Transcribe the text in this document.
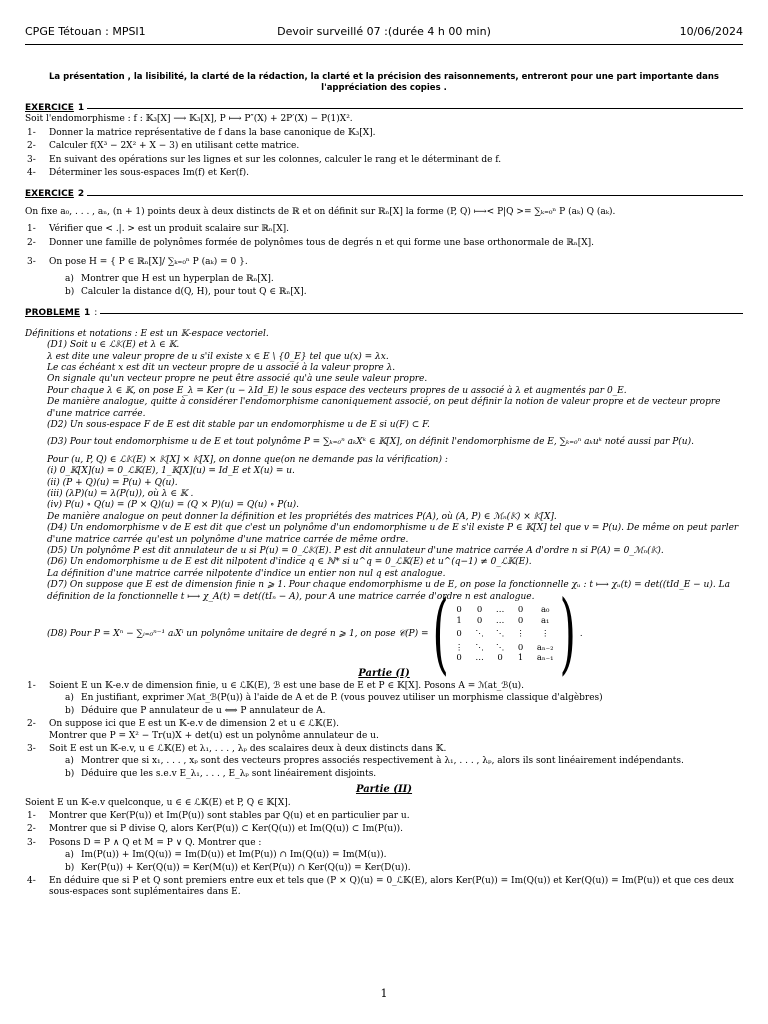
CPGE Tétouan : MPSI1	Devoir surveillé 07 :(durée 4 h 00 min)	10/06/2024

La présentation , la lisibilité, la clarté de la rédaction, la clarté et la précision des raisonnements, entreront pour une part importante dans l'appréciation des copies .

EXERCICE 1

Soit l'endomorphisme : f : 𝕂₃[X] ⟶ 𝕂₃[X], P ⟼ P″(X) + 2P′(X) − P(1)X².

1-	Donner la matrice représentative de f dans la base canonique de 𝕂₃[X].
2-	Calculer f(X³ − 2X² + X − 3) en utilisant cette matrice.
3-	En suivant des opérations sur les lignes et sur les colonnes, calculer le rang et le déterminant de f.
4-	Déterminer les sous-espaces Im(f) et Ker(f).
EXERCICE 2

On fixe a₀, . . . , aₙ, (n + 1) points deux à deux distincts de ℝ et on définit sur ℝₙ[X] la forme (P, Q) ⟼< P|Q >= ∑ₖ₌₀ⁿ P (aₖ) Q (aₖ).

1-	Vérifier que < .|. > est un produit scalaire sur ℝₙ[X].
2-	Donner une famille de polynômes formée de polynômes tous de degrés n et qui forme une base orthonormale de ℝₙ[X].
3-	On pose H = { P ∈ ℝₙ[X]/ ∑ₖ₌₀ⁿ P (aₖ) = 0 }.
a) Montrer que H est un hyperplan de ℝₙ[X].
b) Calculer la distance d(Q, H), pour tout Q ∈ ℝₙ[X].
PROBLEME 1 :

Définitions et notations : E est un 𝕂-espace vectoriel.

(D1) Soit u ∈ ℒ𝕂(E) et λ ∈ 𝕂.

λ est dite une valeur propre de u s'il existe x ∈ E \ {0_E} tel que u(x) = λx.

Le cas échéant x est dit un vecteur propre de u associé à la valeur propre λ.

On signale qu'un vecteur propre ne peut être associé qu'à une seule valeur propre.

Pour chaque λ ∈ 𝕂, on pose E_λ = Ker (u − λId_E) le sous espace des vecteurs propres de u associé à λ et augmentés par 0_E.

De manière analogue, quitte à considérer l'endomorphisme canoniquement associé, on peut définir la notion de valeur propre et de vecteur propre d'une matrice carrée.

(D2) Un sous-espace F de E est dit stable par un endomorphisme u de E si u(F) ⊂ F.

(D3) Pour tout endomorphisme u de E et tout polynôme P = ∑ₖ₌₀ⁿ aₖXᵏ ∈ 𝕂[X], on définit l'endomorphisme de E, ∑ₖ₌₀ⁿ aₖuᵏ noté aussi par P(u).

Pour (u, P, Q) ∈ ℒ𝕂(E) × 𝕂[X] × 𝕂[X], on donne que(on ne demande pas la vérification) :

(i) 0_𝕂[X](u) = 0_ℒ𝕂(E), 1_𝕂[X](u) = Id_E et X(u) = u.

(ii) (P + Q)(u) = P(u) + Q(u).

(iii) (λP)(u) = λ(P(u)), où λ ∈ 𝕂 .

(iv) P(u) ∘ Q(u) = (P × Q)(u) = (Q × P)(u) = Q(u) ∘ P(u).

De manière analogue on peut donner la définition et les propriétés des matrices P(A), où (A, P) ∈ ℳₙ(𝕂) × 𝕂[X].

(D4) Un endomorphisme v de E est dit que c'est un polynôme d'un endomorphisme u de E s'il existe P ∈ 𝕂[X] tel que v = P(u). De même on peut parler d'une matrice carrée qu'est un polynôme d'une matrice carrée de même ordre.

(D5) Un polynôme P est dit annulateur de u si P(u) = 0_ℒ𝕂(E). P est dit annulateur d'une matrice carrée A d'ordre n si P(A) = 0_ℳₙ(𝕂).

(D6) Un endomorphisme u de E est dit nilpotent d'indice q ∈ ℕ* si u^q = 0_ℒ𝕂(E) et u^(q−1) ≠ 0_ℒ𝕂(E).

La définition d'une matrice carrée nilpotente d'indice un entier non nul q est analogue.

(D7) On suppose que E est de dimension finie n ⩾ 1. Pour chaque endomorphisme u de E, on pose la fonctionnelle χᵤ : t ⟼ χᵤ(t) = det((tId_E − u). La définition de la fonctionnelle t ⟼ χ_A(t) = det((tIₙ − A), pour A une matrice carrée d'ordre n est analogue.

(D8) Pour P = Xⁿ − ∑ᵢ₌₀ⁿ⁻¹ aᵢXⁱ un polynôme unitaire de degré n ⩾ 1, on pose 𝒞(P) = ( 0	0	…	0	a₀
1	0	…	0	a₁

0	⋱	⋱	⋮	⋮

⋮	⋱	⋱	0	aₙ₋₂
0	…	0	1	aₙ₋₁ ) .
Partie (I)
1-	Soient E un 𝕂-e.v de dimension finie, u ∈ ℒ𝕂(E), ℬ est une base de E et P ∈ 𝕂[X]. Posons A = ℳat_ℬ(u).
a) En justifiant, exprimer ℳat_ℬ(P(u)) à l'aide de A et de P. (vous pouvez utiliser un morphisme classique d'algèbres)
b) Déduire que P annulateur de u ⟺ P annulateur de A.
2-	On suppose ici que E est un 𝕂-e.v de dimension 2 et u ∈ ℒ𝕂(E).

Montrer que P = X² − Tr(u)X + det(u) est un polynôme annulateur de u.

3-	Soit E est un 𝕂-e.v, u ∈ ℒ𝕂(E) et λ₁, . . . , λₚ des scalaires deux à deux distincts dans 𝕂.
a) Montrer que si x₁, . . . , xₚ sont des vecteurs propres associés respectivement à λ₁, . . . , λₚ, alors ils sont linéairement indépendants.
b) Déduire que les s.e.v E_λ₁, . . . , E_λₚ sont linéairement disjoints.
Partie (II)

Soient E un 𝕂-e.v quelconque, u ∈ ∈ ℒ𝕂(E) et P, Q ∈ 𝕂[X].

1-	Montrer que Ker(P(u)) et Im(P(u)) sont stables par Q(u) et en particulier par u.
2-	Montrer que si P divise Q, alors Ker(P(u)) ⊂ Ker(Q(u)) et Im(Q(u)) ⊂ Im(P(u)).
3-	Posons D = P ∧ Q et M = P ∨ Q. Montrer que :
a) Im(P(u)) + Im(Q(u)) = Im(D(u)) et Im(P(u)) ∩ Im(Q(u)) = Im(M(u)).
b) Ker(P(u)) + Ker(Q(u)) = Ker(M(u)) et Ker(P(u)) ∩ Ker(Q(u)) = Ker(D(u)).
4-	En déduire que si P et Q sont premiers entre eux et tels que (P × Q)(u) = 0_ℒ𝕂(E), alors Ker(P(u)) = Im(Q(u)) et Ker(Q(u)) = Im(P(u)) et que ces deux sous-espaces sont suplémentaires dans E.
1
